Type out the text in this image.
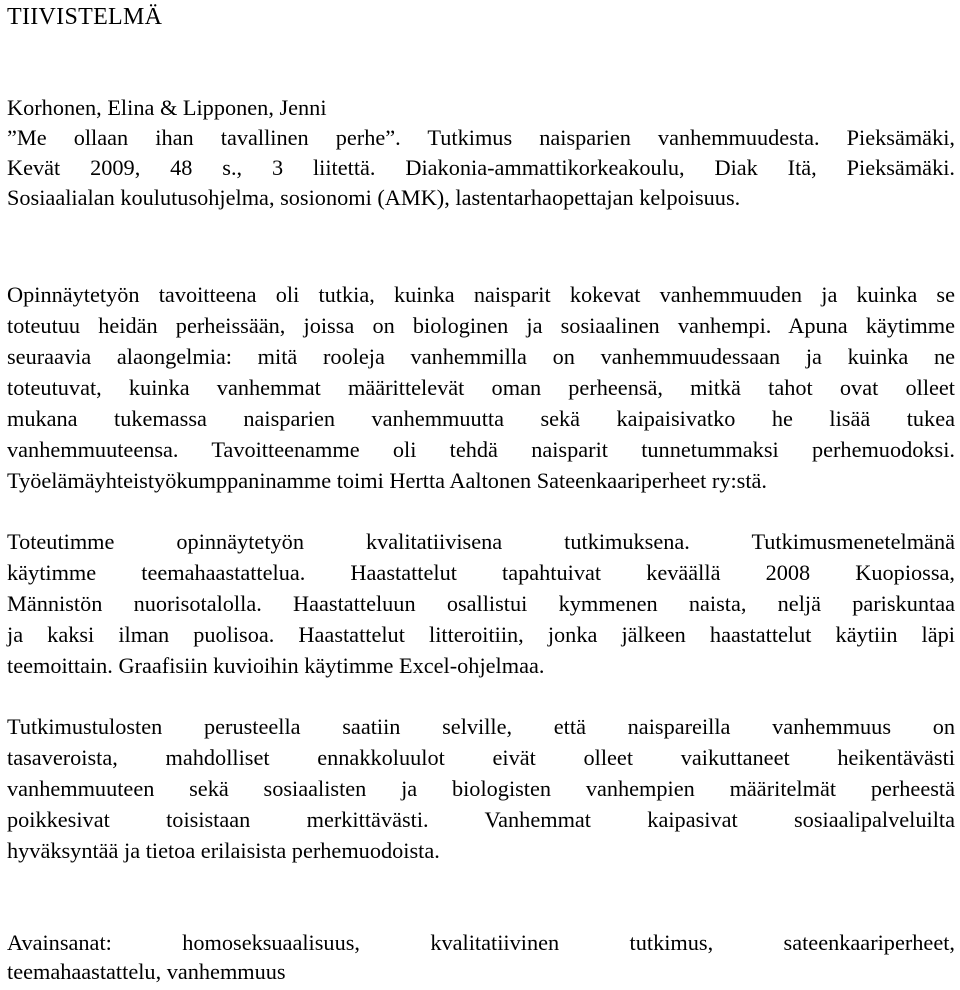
TIIVISTELMÄ
Korhonen, Elina & Lipponen, Jenni
”Me ollaan ihan tavallinen perhe”. Tutkimus naisparien vanhemmuudesta. Pieksämäki,
Kevät 2009, 48 s., 3 liitettä. Diakonia-ammattikorkeakoulu, Diak Itä, Pieksämäki.
Sosiaalialan koulutusohjelma, sosionomi (AMK), lastentarhaopettajan kelpoisuus.
Opinnäytetyön tavoitteena oli tutkia, kuinka naisparit kokevat vanhemmuuden ja kuinka se
toteutuu heidän perheissään, joissa on biologinen ja sosiaalinen vanhempi. Apuna käytimme
seuraavia alaongelmia: mitä rooleja vanhemmilla on vanhemmuudessaan ja kuinka ne
toteutuvat, kuinka vanhemmat määrittelevät oman perheensä, mitkä tahot ovat olleet
mukana tukemassa naisparien vanhemmuutta sekä kaipaisivatko he lisää tukea
vanhemmuuteensa. Tavoitteenamme oli tehdä naisparit tunnetummaksi perhemuodoksi.
Työelämäyhteistyökumppaninamme toimi Hertta Aaltonen Sateenkaariperheet ry:stä.
Toteutimme opinnäytetyön kvalitatiivisena tutkimuksena. Tutkimusmenetelmänä
käytimme teemahaastattelua. Haastattelut tapahtuivat keväällä 2008 Kuopiossa,
Männistön nuorisotalolla. Haastatteluun osallistui kymmenen naista, neljä pariskuntaa
ja kaksi ilman puolisoa. Haastattelut litteroitiin, jonka jälkeen haastattelut käytiin läpi
teemoittain. Graafisiin kuvioihin käytimme Excel-ohjelmaa.
Tutkimustulosten perusteella saatiin selville, että naispareilla vanhemmuus on
tasaveroista, mahdolliset ennakkoluulot eivät olleet vaikuttaneet heikentävästi
vanhemmuuteen sekä sosiaalisten ja biologisten vanhempien määritelmät perheestä
poikkesivat toisistaan merkittävästi. Vanhemmat kaipasivat sosiaalipalveluilta
hyväksyntää ja tietoa erilaisista perhemuodoista.
Avainsanat: homoseksuaalisuus, kvalitatiivinen tutkimus, sateenkaariperheet,
teemahaastattelu, vanhemmuus
